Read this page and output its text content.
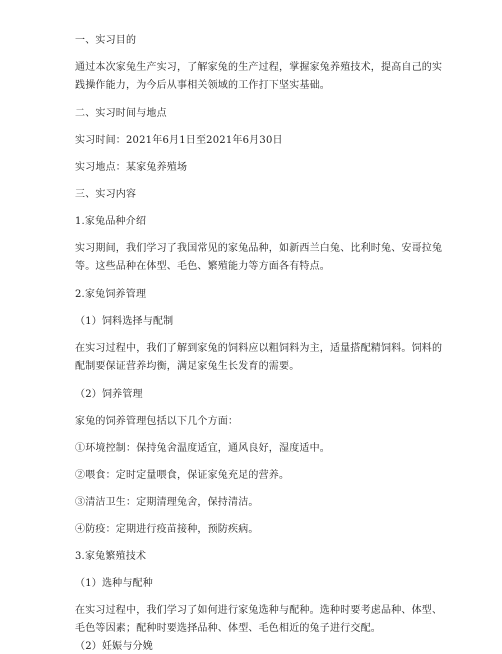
一、实习目的
通过本次家兔生产实习，了解家兔的生产过程，掌握家兔养殖技术，提高自己的实
践操作能力，为今后从事相关领域的工作打下坚实基础。
二、实习时间与地点
实习时间：2021年6月1日至2021年6月30日
实习地点：某家兔养殖场
三、实习内容
1.家兔品种介绍
实习期间，我们学习了我国常见的家兔品种，如新西兰白兔、比利时兔、安哥拉兔
等。这些品种在体型、毛色、繁殖能力等方面各有特点。
2.家兔饲养管理
（1）饲料选择与配制
在实习过程中，我们了解到家兔的饲料应以粗饲料为主，适量搭配精饲料。饲料的
配制要保证营养均衡，满足家兔生长发育的需要。
（2）饲养管理
家兔的饲养管理包括以下几个方面：
①环境控制：保持兔舍温度适宜，通风良好，湿度适中。
②喂食：定时定量喂食，保证家兔充足的营养。
③清洁卫生：定期清理兔舍，保持清洁。
④防疫：定期进行疫苗接种，预防疾病。
3.家兔繁殖技术
（1）选种与配种
在实习过程中，我们学习了如何进行家兔选种与配种。选种时要考虑品种、体型、
毛色等因素；配种时要选择品种、体型、毛色相近的兔子进行交配。
（2）妊娠与分娩
